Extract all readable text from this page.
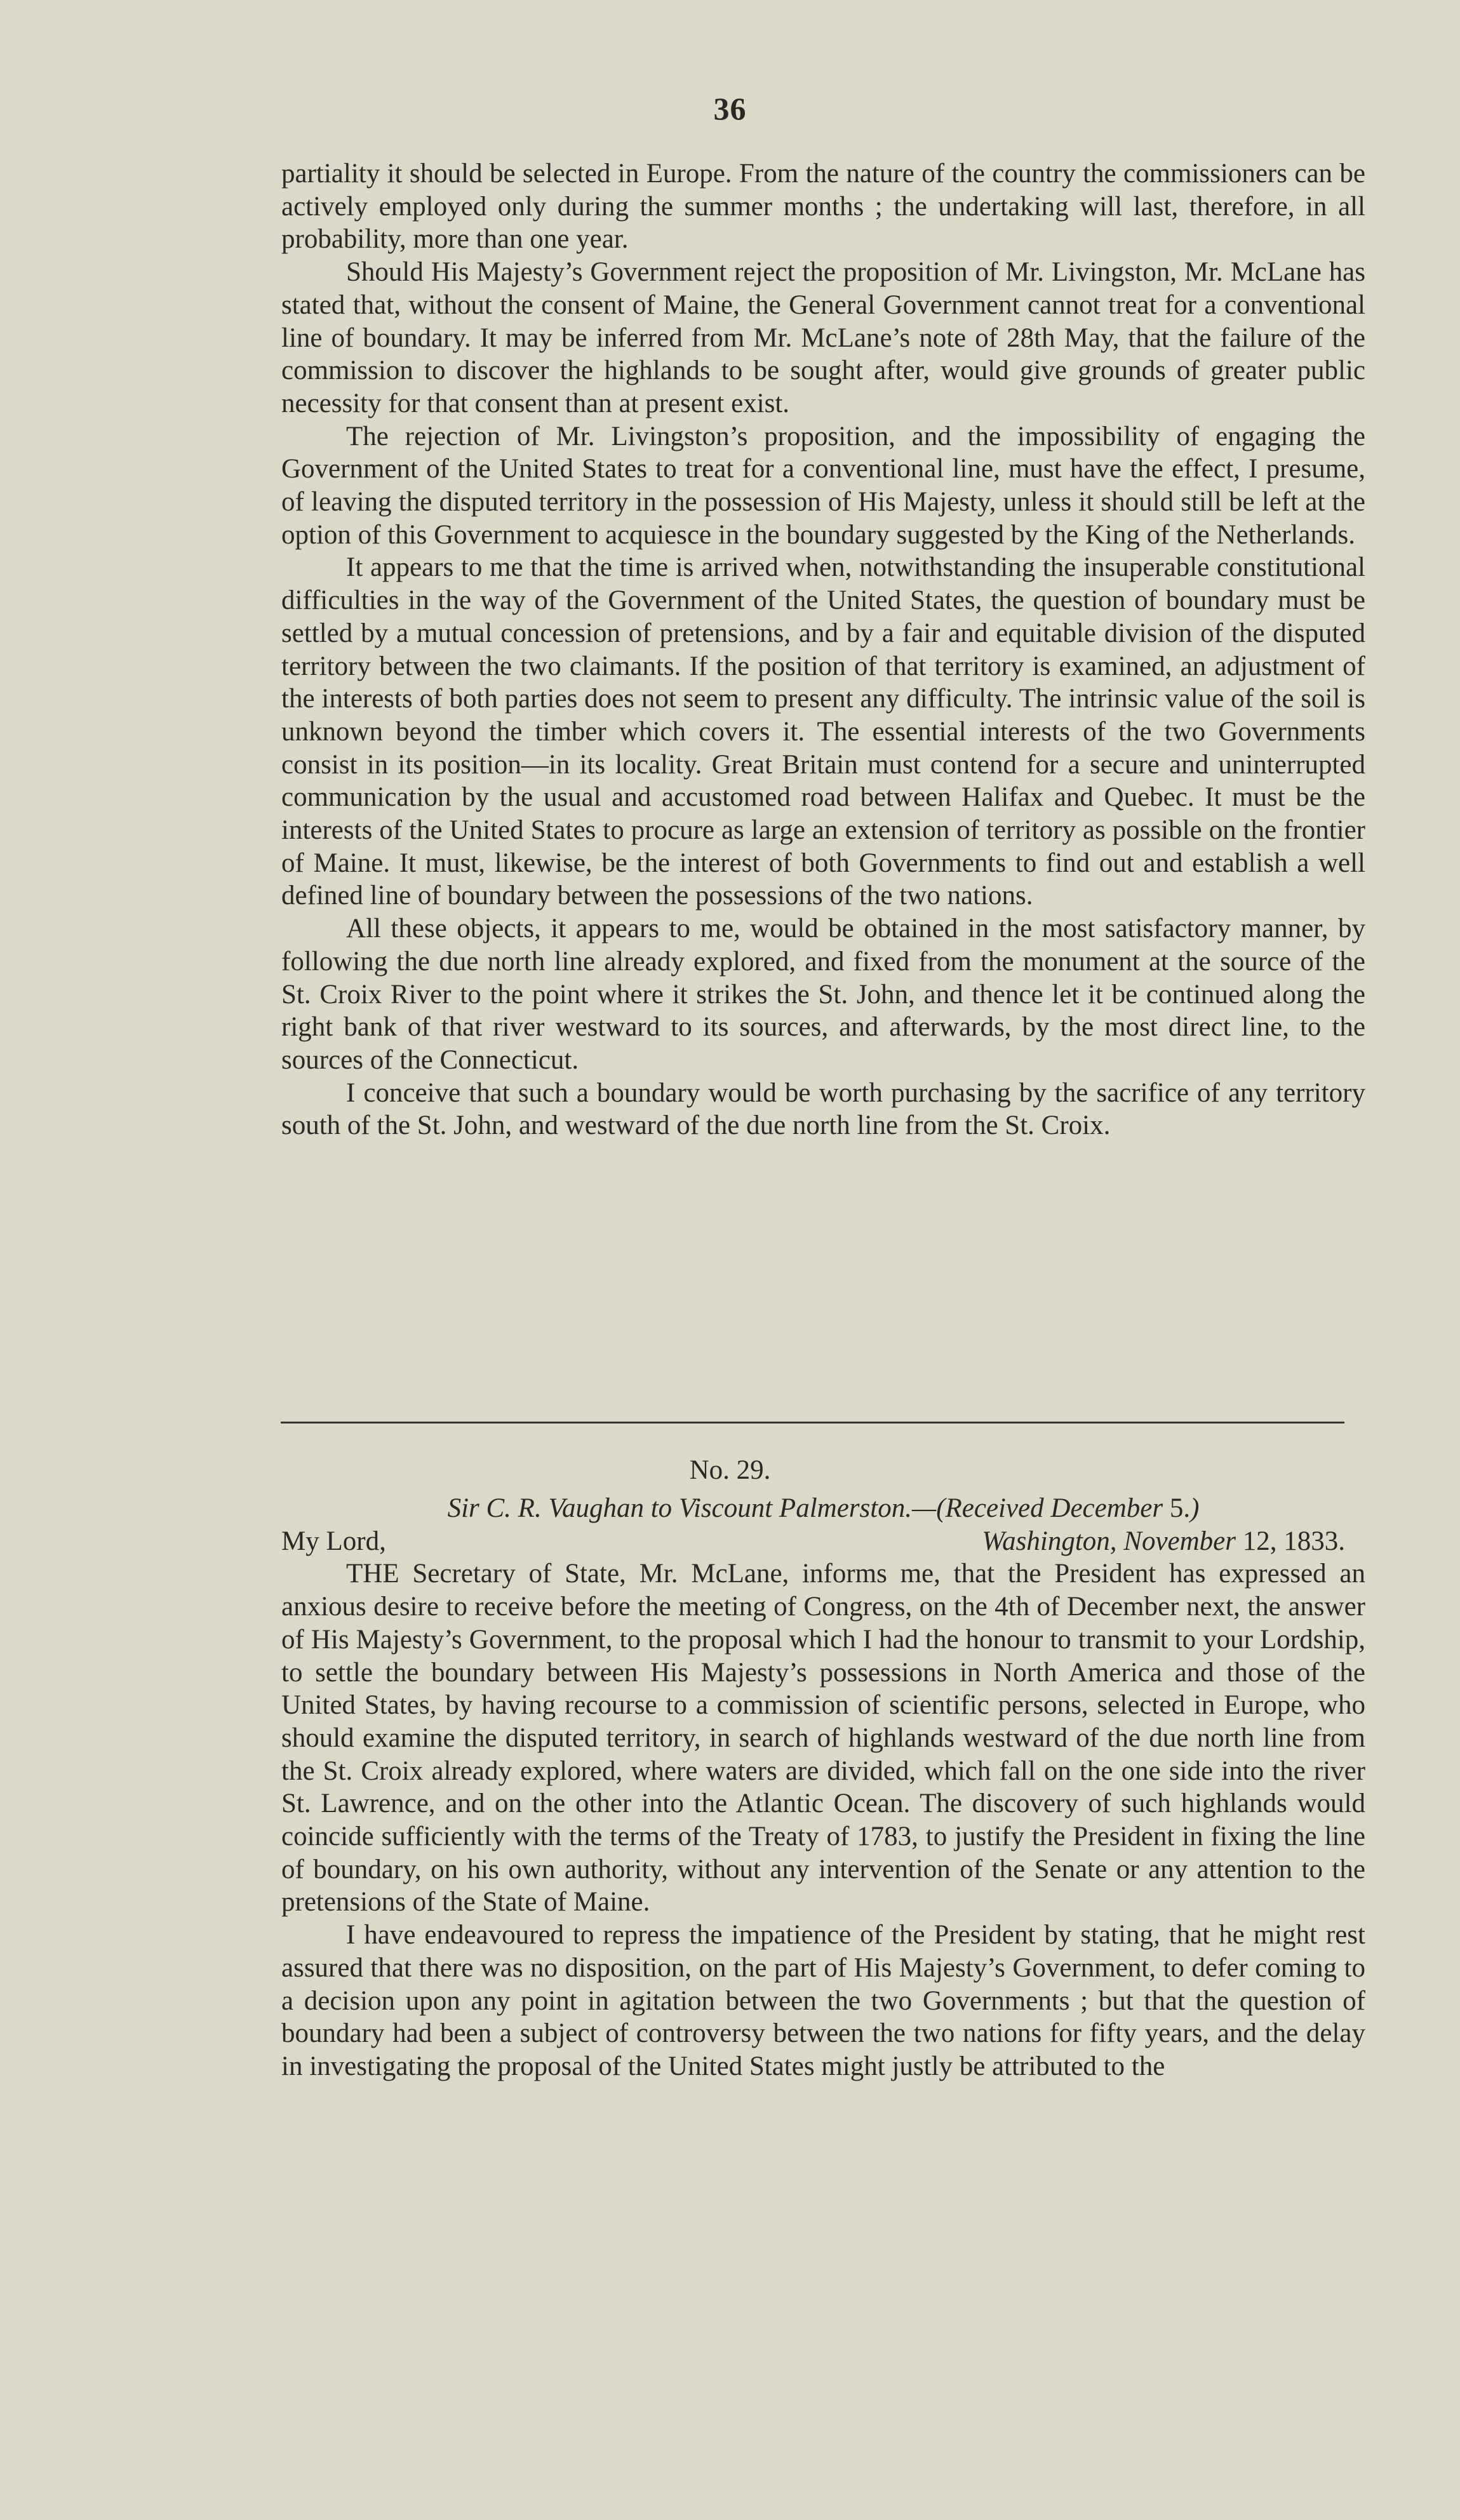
36

partiality it should be selected in Europe. From the nature of the country the commissioners can be actively employed only during the summer months ; the undertaking will last, therefore, in all probability, more than one year.

Should His Majesty’s Government reject the proposition of Mr. Livingston, Mr. McLane has stated that, without the consent of Maine, the General Government cannot treat for a conventional line of boundary. It may be inferred from Mr. McLane’s note of 28th May, that the failure of the commission to discover the highlands to be sought after, would give grounds of greater public necessity for that consent than at present exist.

The rejection of Mr. Livingston’s proposition, and the impossibility of engaging the Government of the United States to treat for a conventional line, must have the effect, I presume, of leaving the disputed territory in the possession of His Majesty, unless it should still be left at the option of this Government to acquiesce in the boundary suggested by the King of the Netherlands.

It appears to me that the time is arrived when, notwithstanding the insuperable constitutional difficulties in the way of the Government of the United States, the question of boundary must be settled by a mutual concession of pretensions, and by a fair and equitable division of the disputed territory between the two claimants. If the position of that territory is examined, an adjustment of the interests of both parties does not seem to present any difficulty. The intrinsic value of the soil is unknown beyond the timber which covers it. The essential interests of the two Governments consist in its position—in its locality. Great Britain must contend for a secure and uninterrupted communication by the usual and accustomed road between Halifax and Quebec. It must be the interests of the United States to procure as large an extension of territory as possible on the frontier of Maine. It must, likewise, be the interest of both Governments to find out and establish a well defined line of boundary between the possessions of the two nations.

All these objects, it appears to me, would be obtained in the most satisfactory manner, by following the due north line already explored, and fixed from the monument at the source of the St. Croix River to the point where it strikes the St. John, and thence let it be continued along the right bank of that river westward to its sources, and afterwards, by the most direct line, to the sources of the Connecticut.

I conceive that such a boundary would be worth purchasing by the sacrifice of any territory south of the St. John, and westward of the due north line from the St. Croix.

No. 29.

Sir C. R. Vaughan to Viscount Palmerston.—(Received December 5.)

My Lord,	Washington, November 12, 1833.

THE Secretary of State, Mr. McLane, informs me, that the President has expressed an anxious desire to receive before the meeting of Congress, on the 4th of December next, the answer of His Majesty’s Government, to the proposal which I had the honour to transmit to your Lordship, to settle the boundary between His Majesty’s possessions in North America and those of the United States, by having recourse to a commission of scientific persons, selected in Europe, who should examine the disputed territory, in search of highlands westward of the due north line from the St. Croix already explored, where waters are divided, which fall on the one side into the river St. Lawrence, and on the other into the Atlantic Ocean. The discovery of such highlands would coincide sufficiently with the terms of the Treaty of 1783, to justify the President in fixing the line of boundary, on his own authority, without any intervention of the Senate or any attention to the pretensions of the State of Maine.

I have endeavoured to repress the impatience of the President by stating, that he might rest assured that there was no disposition, on the part of His Majesty’s Government, to defer coming to a decision upon any point in agitation between the two Governments ; but that the question of boundary had been a subject of controversy between the two nations for fifty years, and the delay in investigating the proposal of the United States might justly be attributed to the
